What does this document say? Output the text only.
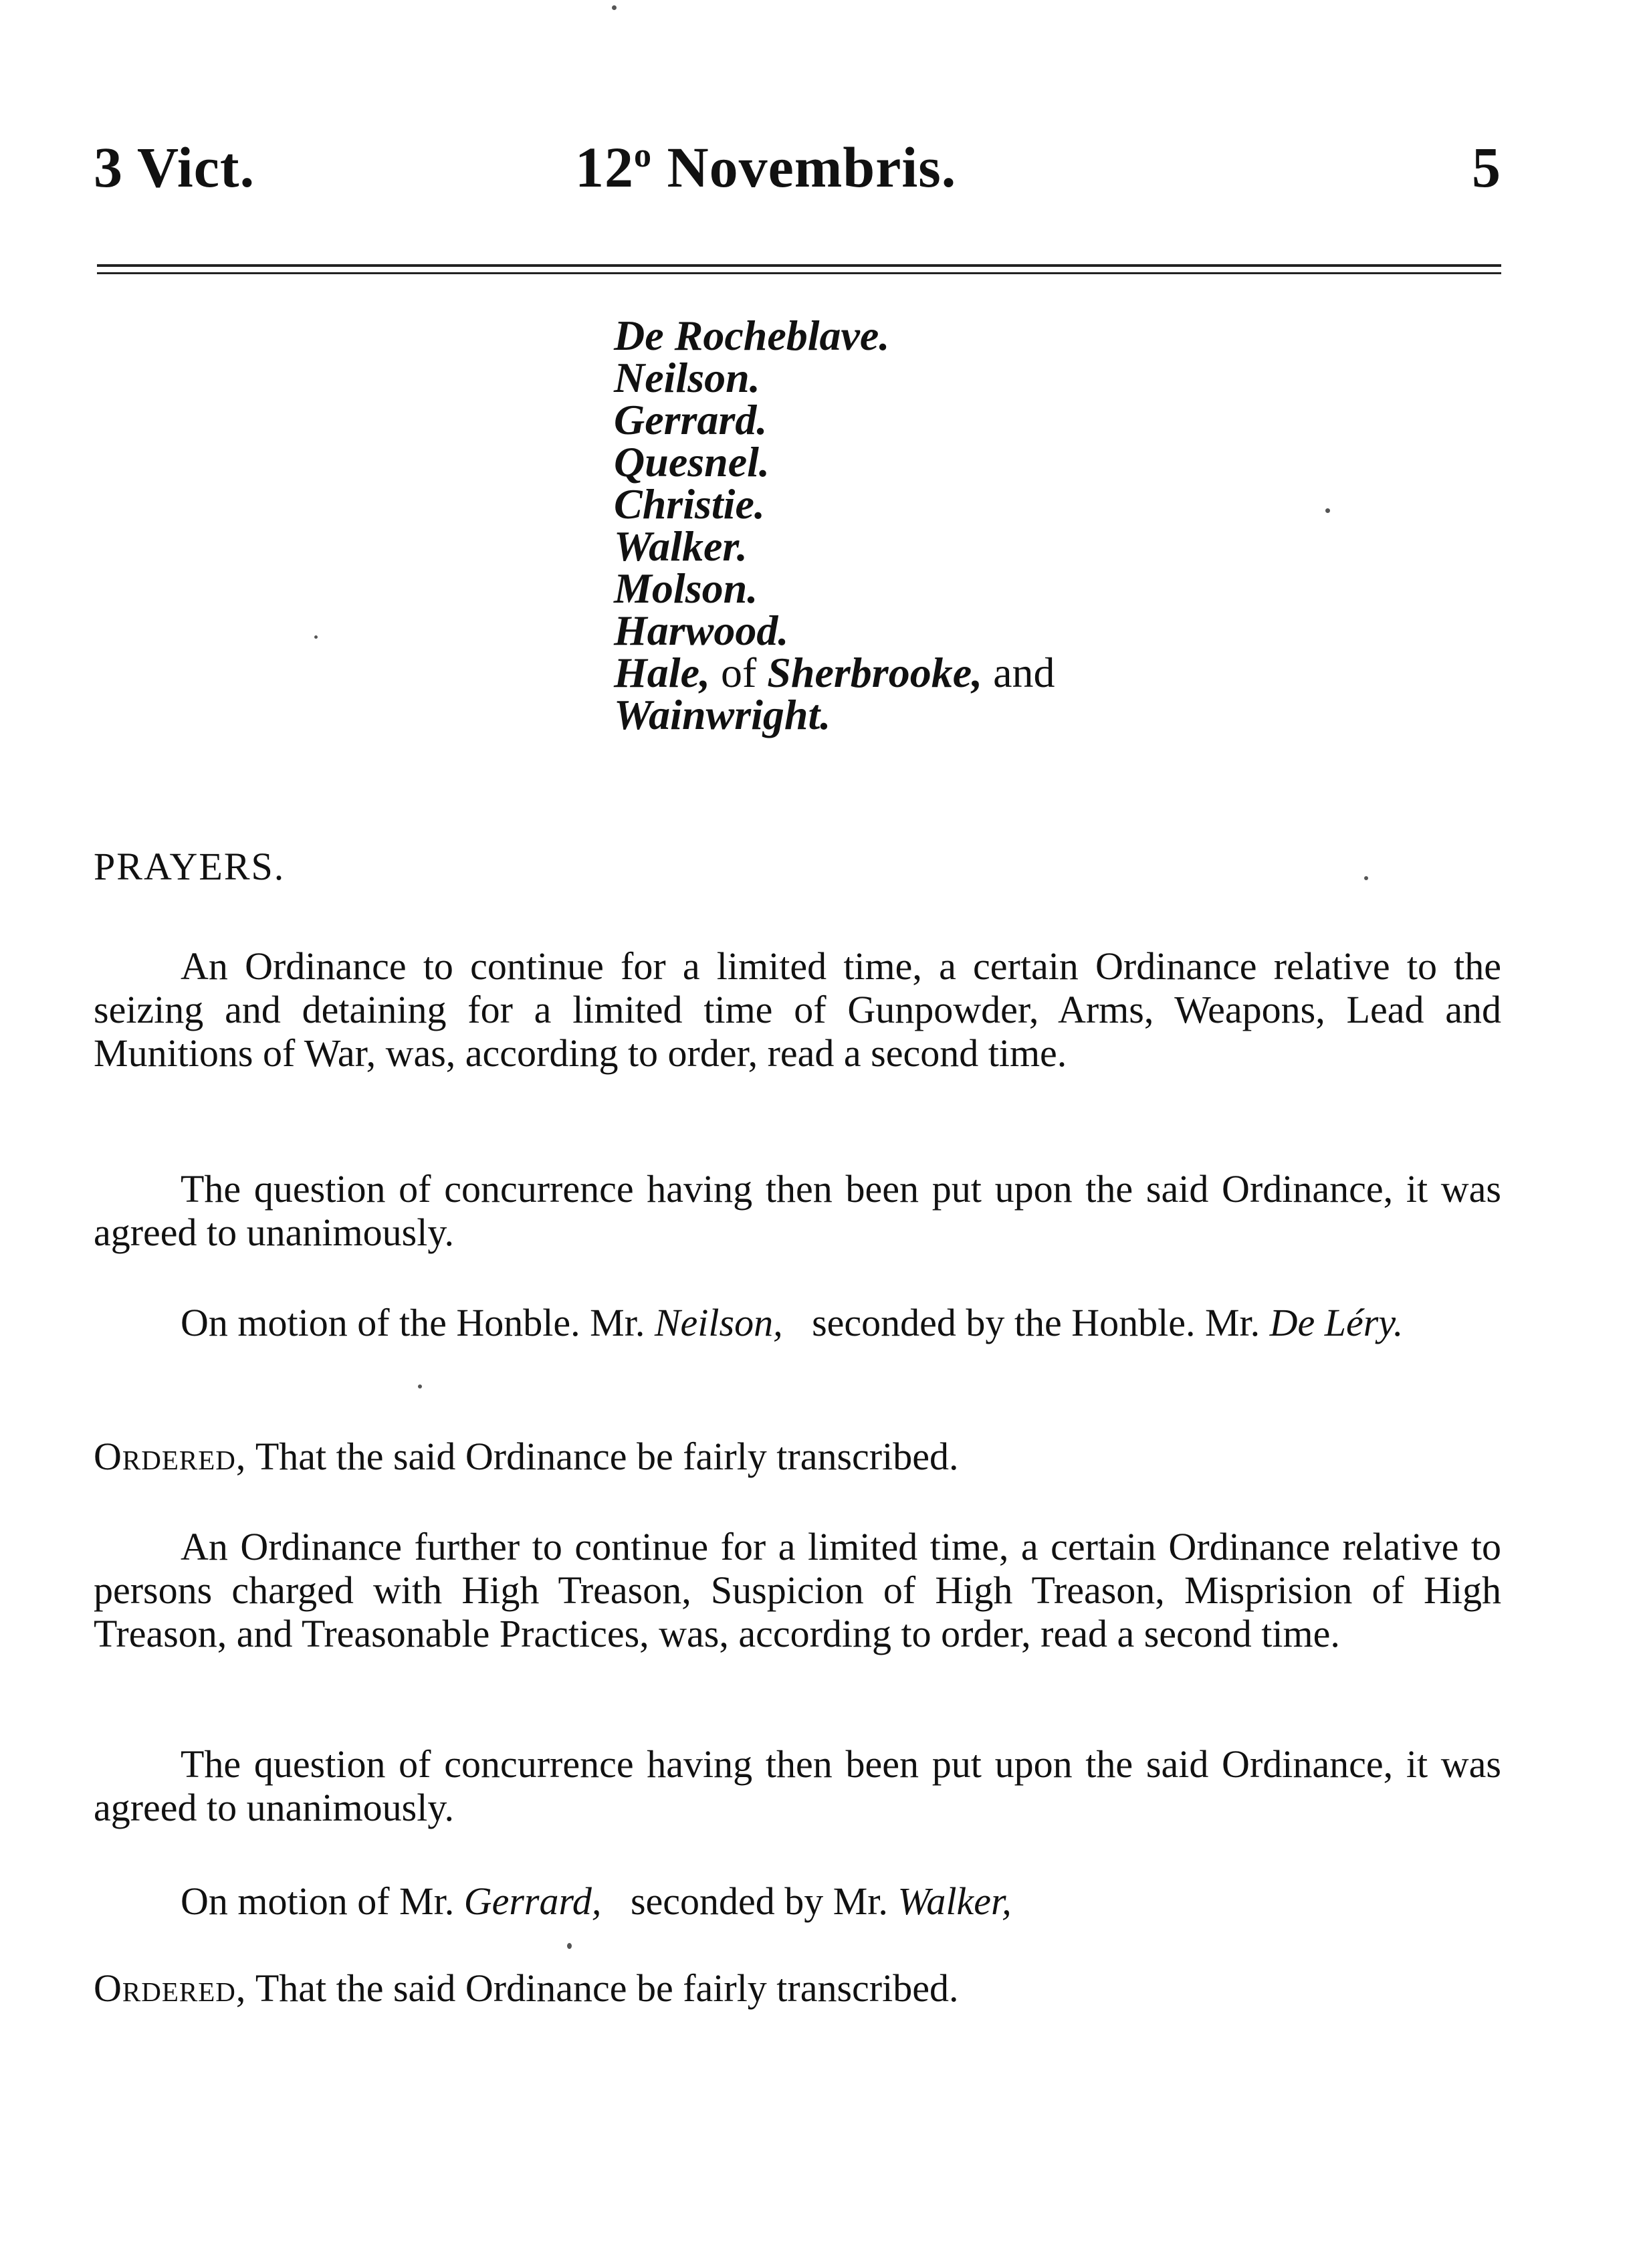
3 Vict.	12$^o$ Novembris.	5
De Rocheblave.
Neilson.
Gerrard.
Quesnel.
Christie.
Walker.
Molson.
Harwood.
Hale, of Sherbrooke, and
Wainwright.
PRAYERS.

An Ordinance to continue for a limited time, a certain Ordinance relative to the seizing and detaining for a limited time of Gunpowder, Arms, Weapons, Lead and Munitions of War, was, according to order, read a second time.

The question of concurrence having then been put upon the said Ordinance, it was agreed to unanimously.

On motion of the Honble. Mr. Neilson, seconded by the Honble. Mr. De Léry.

Ordered, That the said Ordinance be fairly transcribed.

An Ordinance further to continue for a limited time, a certain Ordinance relative to persons charged with High Treason, Suspicion of High Treason, Misprision of High Treason, and Treasonable Practices, was, according to order, read a second time.

The question of concurrence having then been put upon the said Ordinance, it was agreed to unanimously.

On motion of Mr. Gerrard, seconded by Mr. Walker,

Ordered, That the said Ordinance be fairly transcribed.
